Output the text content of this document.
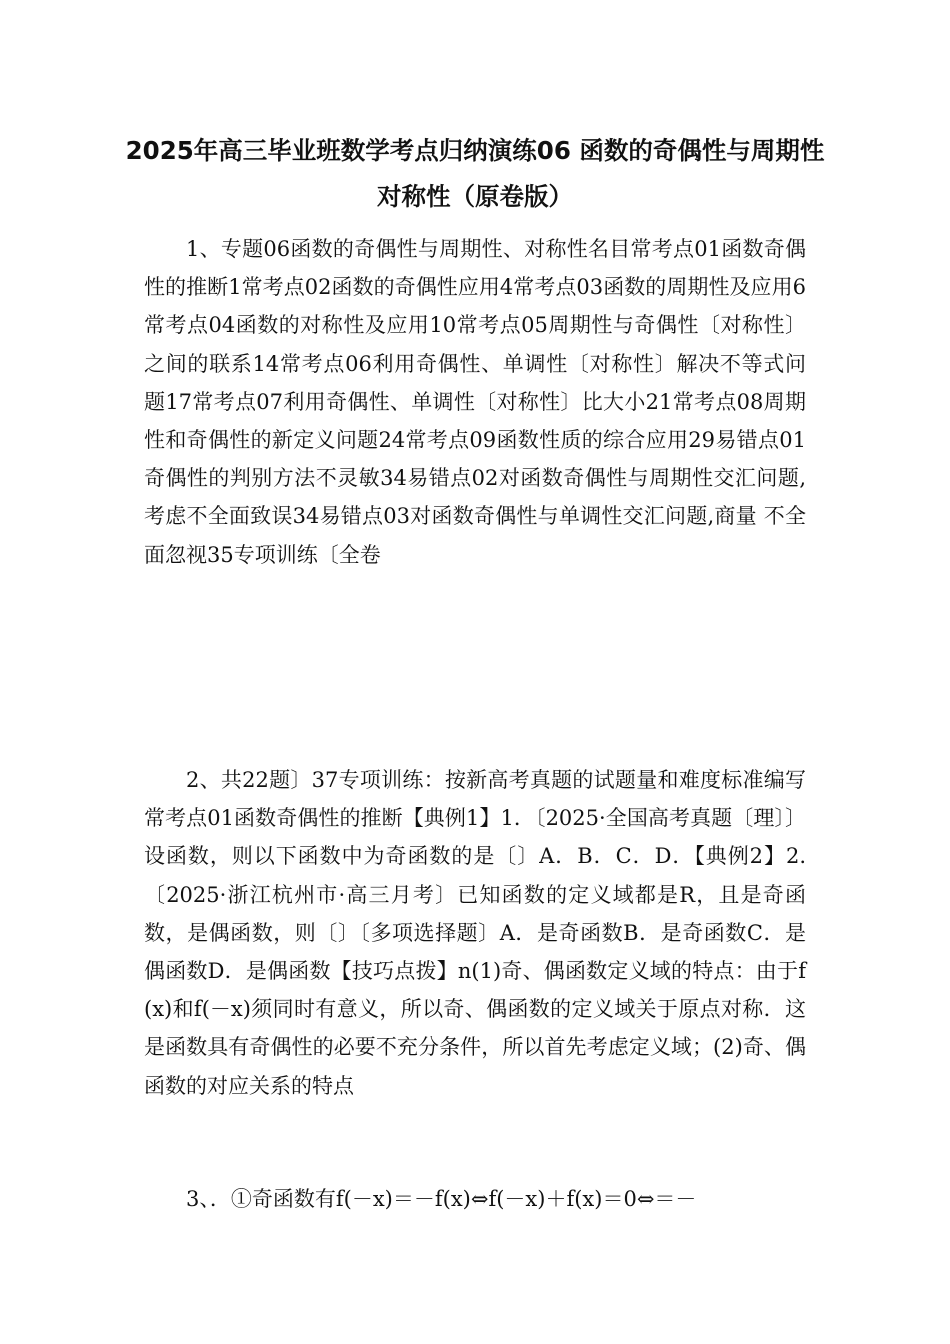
2025年高三毕业班数学考点归纳演练06 函数的奇偶性与周期性对称性（原卷版）

1、专题06函数的奇偶性与周期性、对称性名目常考点01函数奇偶性的推断1常考点02函数的奇偶性应用4常考点03函数的周期性及应用6常考点04函数的对称性及应用10常考点05周期性与奇偶性〔对称性〕之间的联系14常考点06利用奇偶性、单调性〔对称性〕解决不等式问题17常考点07利用奇偶性、单调性〔对称性〕比大小21常考点08周期性和奇偶性的新定义问题24常考点09函数性质的综合应用29易错点01奇偶性的判别方法不灵敏34易错点02对函数奇偶性与周期性交汇问题,考虑不全面致误34易错点03对函数奇偶性与单调性交汇问题,商量 不全面忽视35专项训练〔全卷

2、共22题〕37专项训练：按新高考真题的试题量和难度标准编写常考点01函数奇偶性的推断【典例1】1．〔2025·全国高考真题〔理〕〕设函数，则以下函数中为奇函数的是〔〕A．B．C．D．【典例2】2.〔2025·浙江杭州市·高三月考〕已知函数的定义域都是R，且是奇函数，是偶函数，则〔〕〔多项选择题〕A．是奇函数B．是奇函数C．是偶函数D．是偶函数【技巧点拨】n(1)奇、偶函数定义域的特点：由于f(x)和f(－x)须同时有意义，所以奇、偶函数的定义域关于原点对称．这是函数具有奇偶性的必要不充分条件，所以首先考虑定义域；(2)奇、偶函数的对应关系的特点

3、．①奇函数有f(－x)＝－f(x)⇔f(－x)＋f(x)＝0⇔＝－
